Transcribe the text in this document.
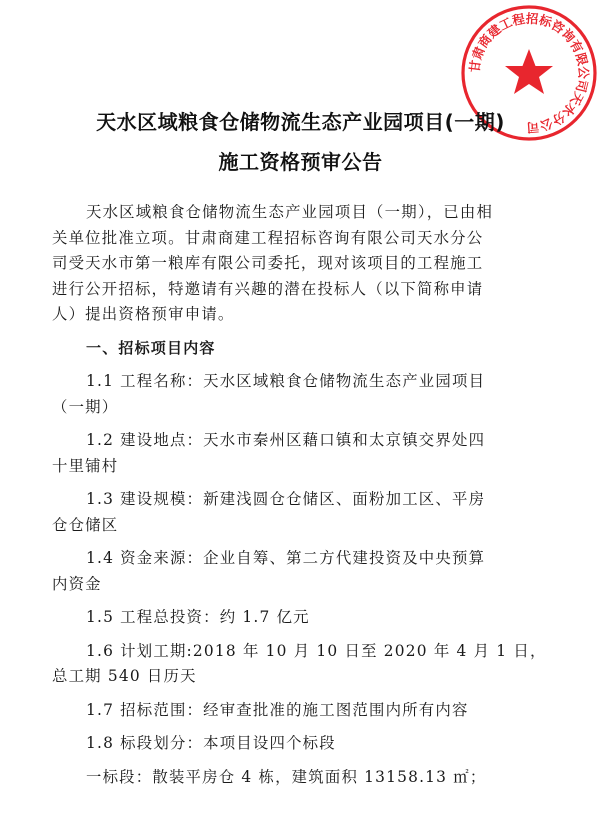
甘肃商建工程招标咨询有限公司天水分公司
天水区域粮食仓储物流生态产业园项目(一期)
施工资格预审公告
天水区域粮食仓储物流生态产业园项目（一期），已由相
关单位批准立项。甘肃商建工程招标咨询有限公司天水分公
司受天水市第一粮库有限公司委托，现对该项目的工程施工
进行公开招标，特邀请有兴趣的潜在投标人（以下简称申请
人）提出资格预审申请。
一、招标项目内容
1.1 工程名称：天水区域粮食仓储物流生态产业园项目
（一期）
1.2 建设地点：天水市秦州区藉口镇和太京镇交界处四
十里铺村
1.3 建设规模：新建浅圆仓仓储区、面粉加工区、平房
仓仓储区
1.4 资金来源：企业自筹、第二方代建投资及中央预算
内资金
1.5 工程总投资：约 1.7 亿元
1.6 计划工期:2018 年 10 月 10 日至 2020 年 4 月 1 日，
总工期 540 日历天
1.7 招标范围：经审查批准的施工图范围内所有内容
1.8 标段划分：本项目设四个标段
一标段：散装平房仓 4 栋，建筑面积 13158.13 ㎡；
